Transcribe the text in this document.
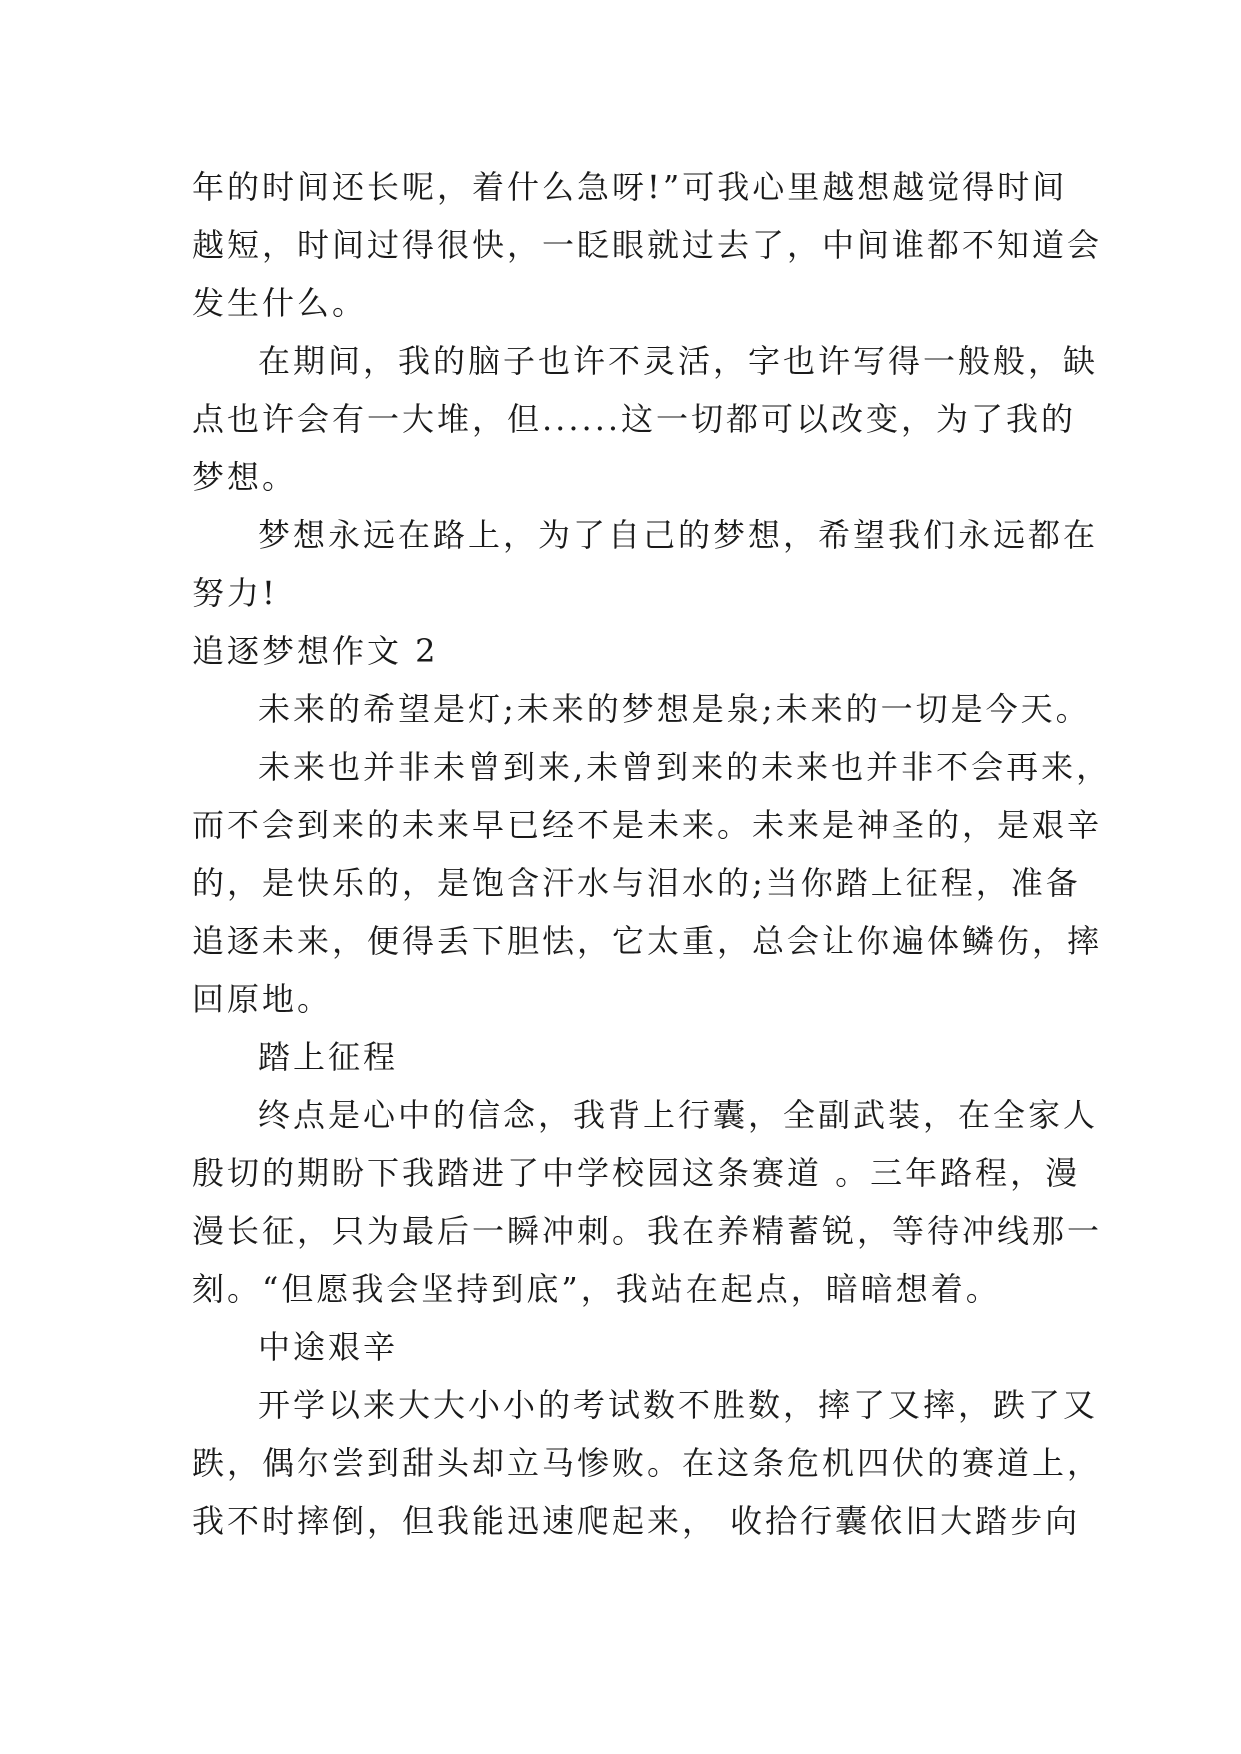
年的时间还长呢，着什么急呀!”可我心里越想越觉得时间
越短，时间过得很快，一眨眼就过去了，中间谁都不知道会
发生什么。
在期间，我的脑子也许不灵活，字也许写得一般般，缺
点也许会有一大堆，但......这一切都可以改变，为了我的
梦想。
梦想永远在路上，为了自己的梦想，希望我们永远都在
努力!
追逐梦想作文 2
未来的希望是灯;未来的梦想是泉;未来的一切是今天。
未来也并非未曾到来,未曾到来的未来也并非不会再来，
而不会到来的未来早已经不是未来。未来是神圣的，是艰辛
的，是快乐的，是饱含汗水与泪水的;当你踏上征程，准备
追逐未来，便得丢下胆怯，它太重，总会让你遍体鳞伤，摔
回原地。
踏上征程
终点是心中的信念，我背上行囊，全副武装，在全家人
殷切的期盼下我踏进了中学校园这条赛道 。三年路程，漫
漫长征，只为最后一瞬冲刺。我在养精蓄锐，等待冲线那一
刻。“但愿我会坚持到底”，我站在起点，暗暗想着。
中途艰辛
开学以来大大小小的考试数不胜数，摔了又摔，跌了又
跌，偶尔尝到甜头却立马惨败。在这条危机四伏的赛道上，
我不时摔倒，但我能迅速爬起来， 收拾行囊依旧大踏步向
